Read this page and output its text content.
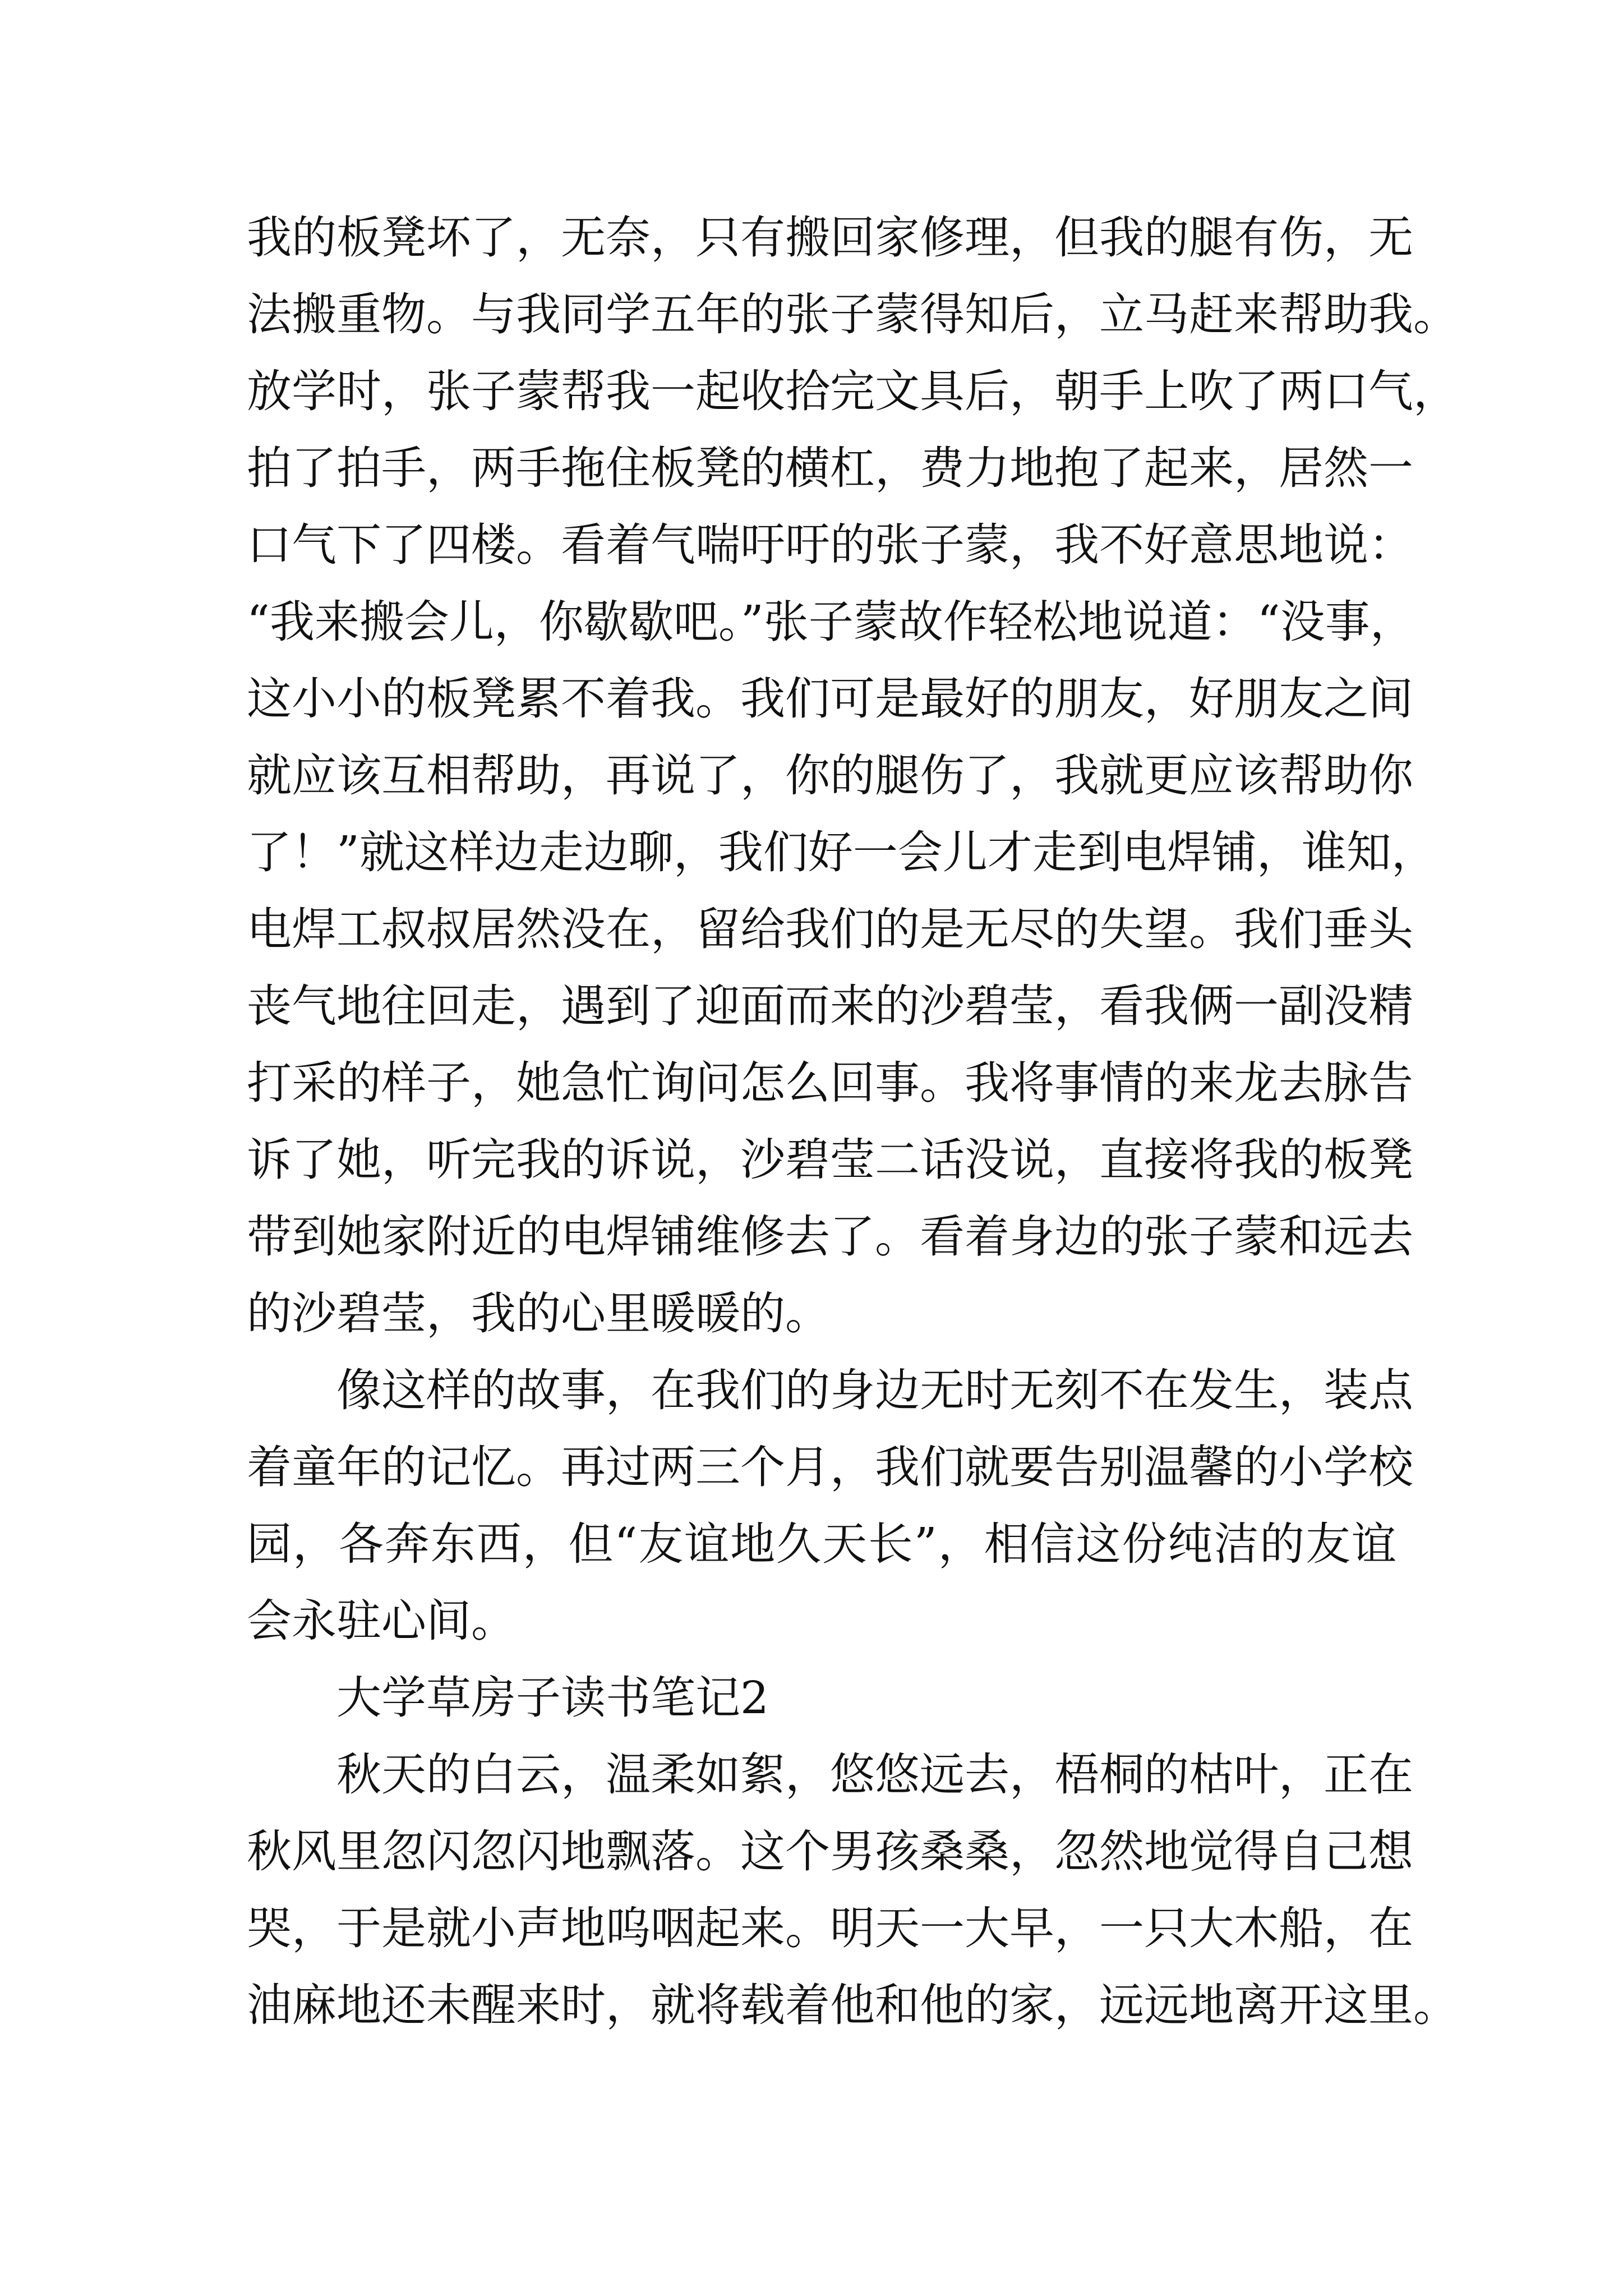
我的板凳坏了，无奈，只有搬回家修理，但我的腿有伤，无
法搬重物。与我同学五年的张子蒙得知后，立马赶来帮助我。
放学时，张子蒙帮我一起收拾完文具后，朝手上吹了两口气，
拍了拍手，两手拖住板凳的横杠，费力地抱了起来，居然一
口气下了四楼。看着气喘吁吁的张子蒙，我不好意思地说：
“我来搬会儿，你歇歇吧。”张子蒙故作轻松地说道：“没事，
这小小的板凳累不着我。我们可是最好的朋友，好朋友之间
就应该互相帮助，再说了，你的腿伤了，我就更应该帮助你
了！”就这样边走边聊，我们好一会儿才走到电焊铺，谁知，
电焊工叔叔居然没在，留给我们的是无尽的失望。我们垂头
丧气地往回走，遇到了迎面而来的沙碧莹，看我俩一副没精
打采的样子，她急忙询问怎么回事。我将事情的来龙去脉告
诉了她，听完我的诉说，沙碧莹二话没说，直接将我的板凳
带到她家附近的电焊铺维修去了。看着身边的张子蒙和远去
的沙碧莹，我的心里暖暖的。
像这样的故事，在我们的身边无时无刻不在发生，装点
着童年的记忆。再过两三个月，我们就要告别温馨的小学校
园，各奔东西，但“友谊地久天长”，相信这份纯洁的友谊
会永驻心间。
大学草房子读书笔记2
秋天的白云，温柔如絮，悠悠远去，梧桐的枯叶，正在
秋风里忽闪忽闪地飘落。这个男孩桑桑，忽然地觉得自己想
哭，于是就小声地呜咽起来。明天一大早，一只大木船，在
油麻地还未醒来时，就将载着他和他的家，远远地离开这里。
